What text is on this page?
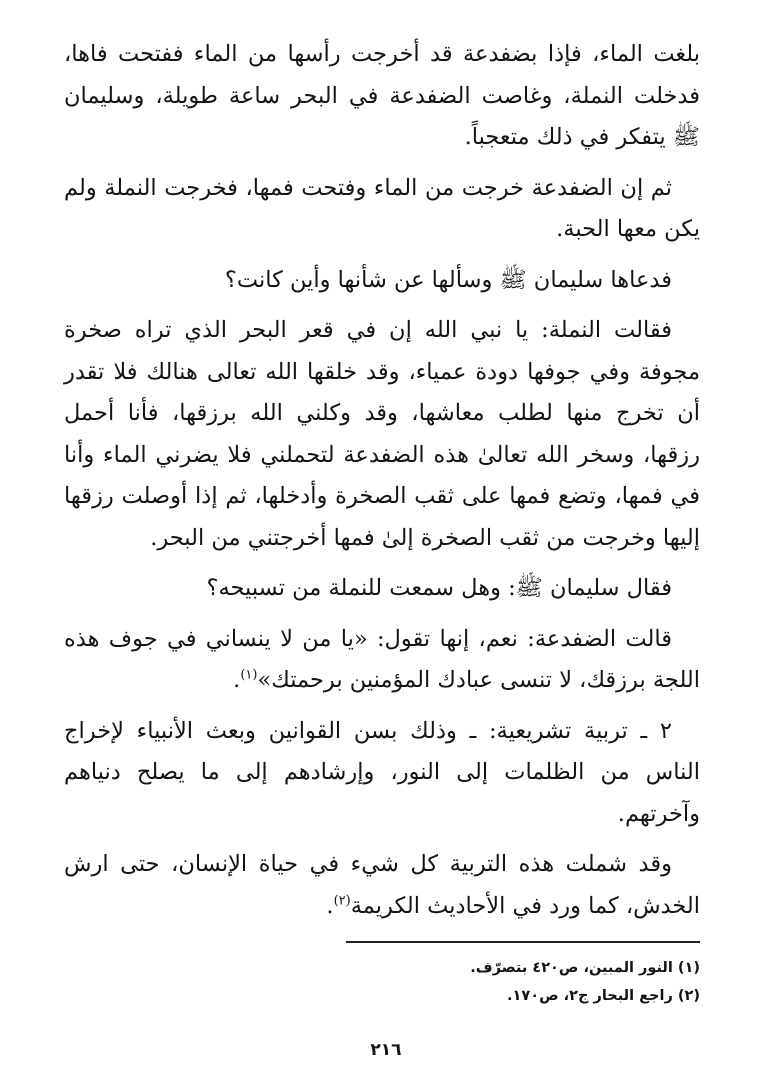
بلغت الماء، فإذا بضفدعة قد أخرجت رأسها من الماء ففتحت فاها، فدخلت النملة، وغاصت الضفدعة في البحر ساعة طويلة، وسليمان ﷺ يتفكر في ذلك متعجباً.

ثم إن الضفدعة خرجت من الماء وفتحت فمها، فخرجت النملة ولم يكن معها الحبة.

فدعاها سليمان ﷺ وسألها عن شأنها وأين كانت؟

فقالت النملة: يا نبي الله إن في قعر البحر الذي تراه صخرة مجوفة وفي جوفها دودة عمياء، وقد خلقها الله تعالى هنالك فلا تقدر أن تخرج منها لطلب معاشها، وقد وكلني الله برزقها، فأنا أحمل رزقها، وسخر الله تعالىٰ هذه الضفدعة لتحملني فلا يضرني الماء وأنا في فمها، وتضع فمها على ثقب الصخرة وأدخلها، ثم إذا أوصلت رزقها إليها وخرجت من ثقب الصخرة إلىٰ فمها أخرجتني من البحر.

فقال سليمان ﷺ: وهل سمعت للنملة من تسبيحه؟

قالت الضفدعة: نعم، إنها تقول: «يا من لا ينساني في جوف هذه اللجة برزقك، لا تنسى عبادك المؤمنين برحمتك»$^{(١)}$.

٢ ـ تربية تشريعية: ـ وذلك بسن القوانين وبعث الأنبياء لإخراج الناس من الظلمات إلى النور، وإرشادهم إلى ما يصلح دنياهم وآخرتهم.

وقد شملت هذه التربية كل شيء في حياة الإنسان، حتى ارش الخدش، كما ورد في الأحاديث الكريمة$^{(٢)}$.

(١) النور المبين، ص٤٢٠ بتصرّف.
(٢) راجع البحار ج٢، ص١٧٠.
٢١٦
